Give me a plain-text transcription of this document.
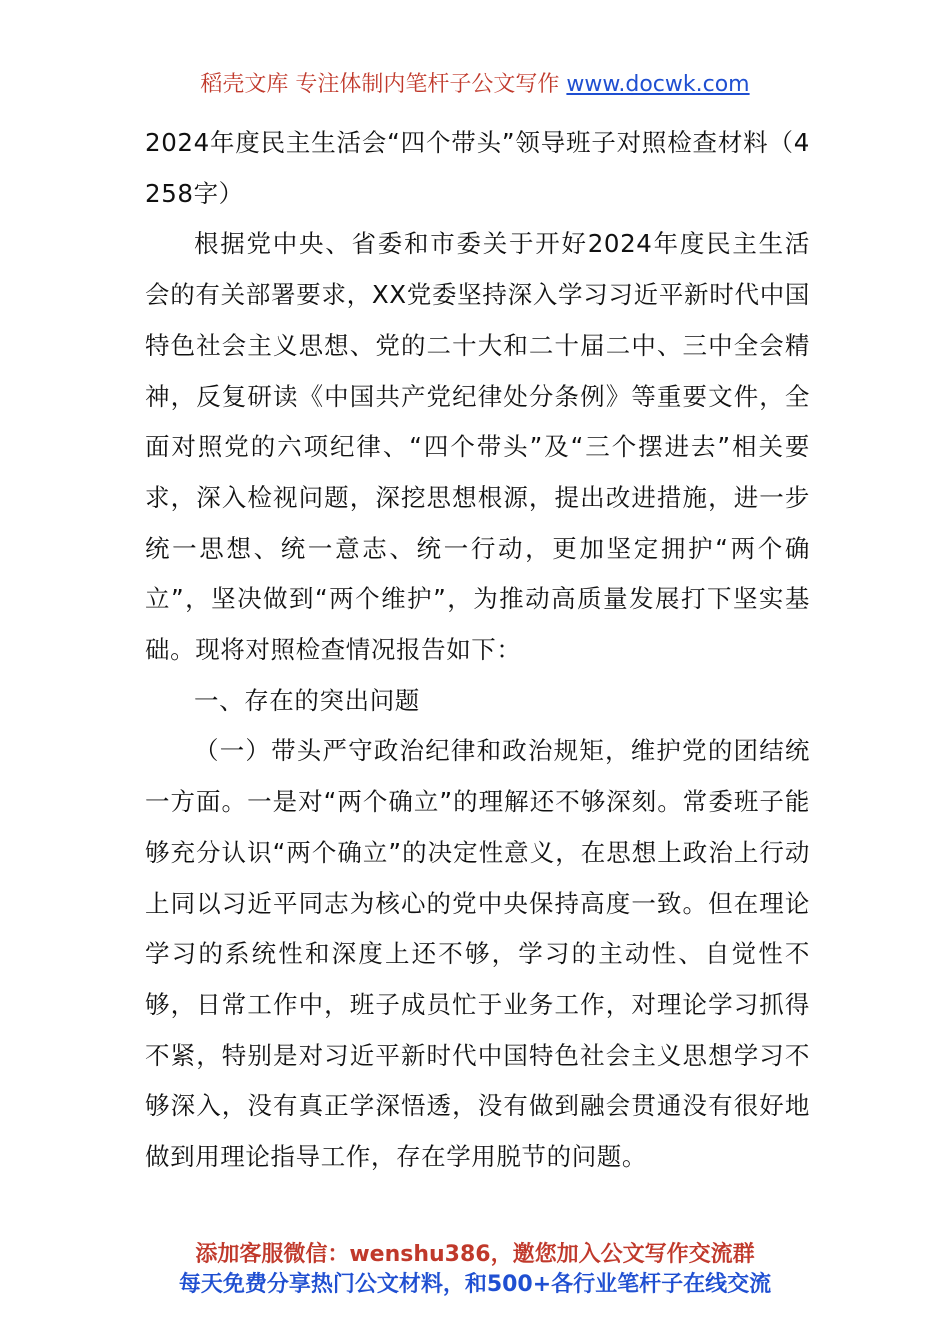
稻壳文库 专注体制内笔杆子公文写作 www.docwk.com

2024年度民主生活会“四个带头”领导班子对照检查材料（4258字）

根据党中央、省委和市委关于开好2024年度民主生活会的有关部署要求，XX党委坚持深入学习习近平新时代中国特色社会主义思想、党的二十大和二十届二中、三中全会精神，反复研读《中国共产党纪律处分条例》等重要文件，全面对照党的六项纪律、“四个带头”及“三个摆进去”相关要求，深入检视问题，深挖思想根源，提出改进措施，进一步统一思想、统一意志、统一行动，更加坚定拥护“两个确立”，坚决做到“两个维护”，为推动高质量发展打下坚实基础。现将对照检查情况报告如下：

一、存在的突出问题

（一）带头严守政治纪律和政治规矩，维护党的团结统一方面。一是对“两个确立”的理解还不够深刻。常委班子能够充分认识“两个确立”的决定性意义，在思想上政治上行动上同以习近平同志为核心的党中央保持高度一致。但在理论学习的系统性和深度上还不够，学习的主动性、自觉性不够，日常工作中，班子成员忙于业务工作，对理论学习抓得不紧，特别是对习近平新时代中国特色社会主义思想学习不够深入，没有真正学深悟透，没有做到融会贯通没有很好地做到用理论指导工作，存在学用脱节的问题。

添加客服微信：wenshu386，邀您加入公文写作交流群
每天免费分享热门公文材料，和500+各行业笔杆子在线交流
